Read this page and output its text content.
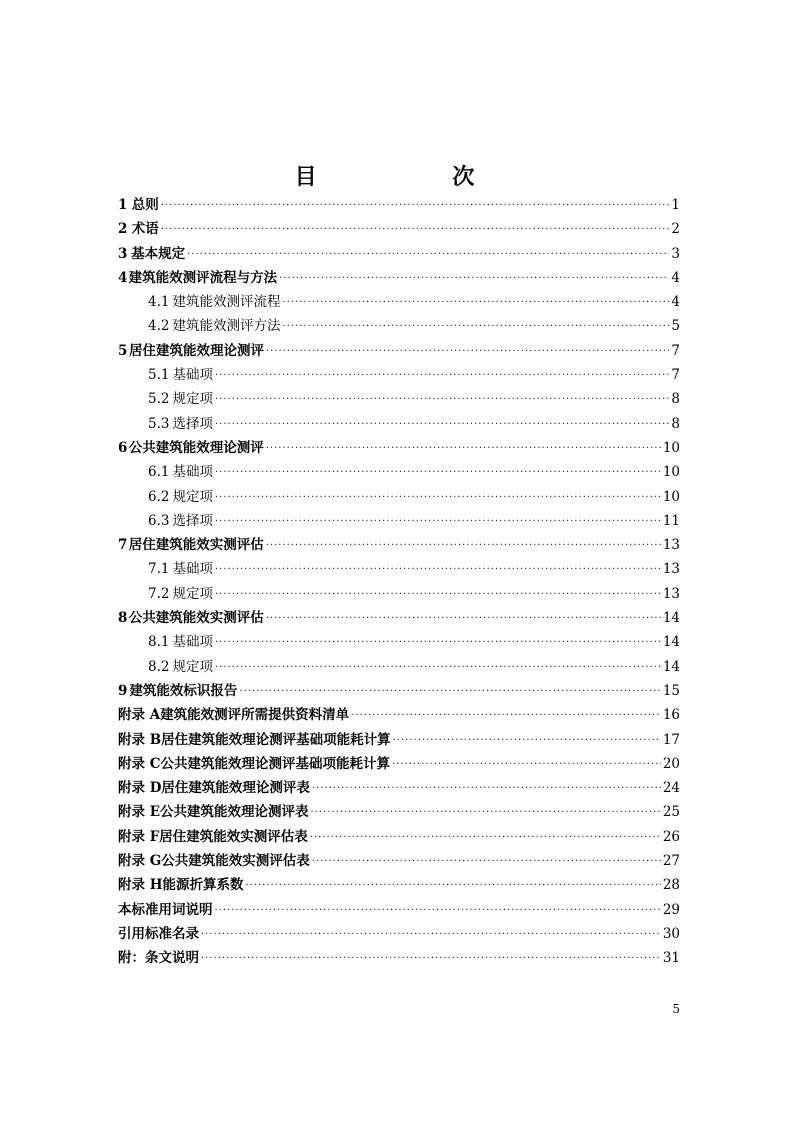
目 次
1 总则 ·····	1
2 术语 ·····	2
3 基本规定 ·····	3
4 建筑能效测评流程与方法 ·····	4
4.1 建筑能效测评流程 ·····	4
4.2 建筑能效测评方法 ·····	5
5 居住建筑能效理论测评 ·····	7
5.1 基础项 ·····	7
5.2 规定项 ·····	8
5.3 选择项 ·····	8
6 公共建筑能效理论测评 ·····	10
6.1 基础项 ·····	10
6.2 规定项 ·····	10
6.3 选择项 ·····	11
7 居住建筑能效实测评估 ·····	13
7.1 基础项 ·····	13
7.2 规定项 ·····	13
8 公共建筑能效实测评估 ·····	14
8.1 基础项 ·····	14
8.2 规定项 ·····	14
9 建筑能效标识报告 ·····	15
附录 A 建筑能效测评所需提供资料清单 ·····	16
附录 B 居住建筑能效理论测评基础项能耗计算 ·····	17
附录 C 公共建筑能效理论测评基础项能耗计算 ·····	20
附录 D 居住建筑能效理论测评表 ·····	24
附录 E 公共建筑能效理论测评表 ·····	25
附录 F 居住建筑能效实测评估表 ·····	26
附录 G 公共建筑能效实测评估表 ·····	27
附录 H 能源折算系数 ·····	28
本标准用词说明 ·····	29
引用标准名录 ·····	30
附：条文说明 ·····	31
5
